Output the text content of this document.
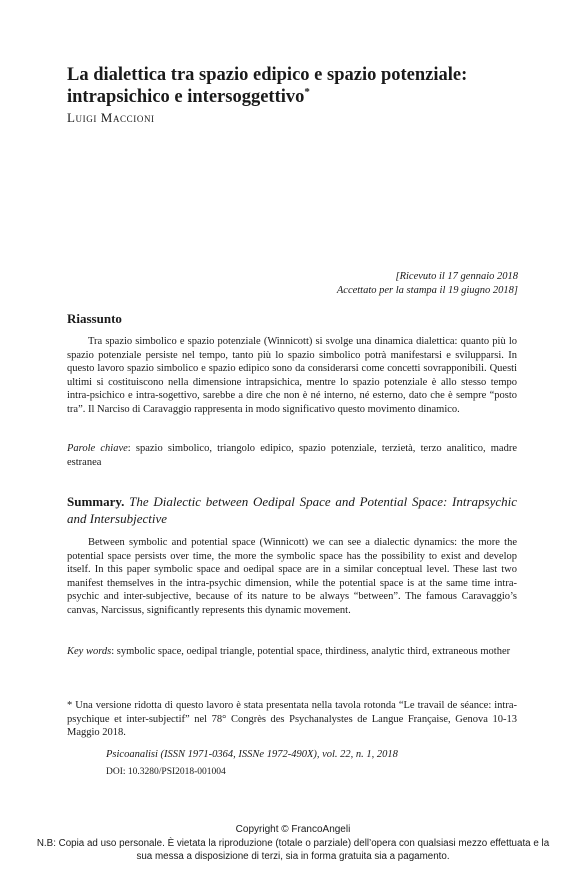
La dialettica tra spazio edipico e spazio potenziale: intrapsichico e intersoggettivo*
Luigi Maccioni
[Ricevuto il 17 gennaio 2018
Accettato per la stampa il 19 giugno 2018]
Riassunto
Tra spazio simbolico e spazio potenziale (Winnicott) si svolge una dinamica dialettica: quanto più lo spazio potenziale persiste nel tempo, tanto più lo spazio simbolico potrà manifestarsi e svilupparsi. In questo lavoro spazio simbolico e spazio edipico sono da considerarsi come concetti sovrapponibili. Questi ultimi si costituiscono nella dimensione intrapsichica, mentre lo spazio potenziale è allo stesso tempo intra-psichico e intra-sogettivo, sarebbe a dire che non è né interno, né esterno, dato che è sempre “posto tra”. Il Narciso di Caravaggio rappresenta in modo significativo questo movimento dinamico.
Parole chiave: spazio simbolico, triangolo edipico, spazio potenziale, terzietà, terzo analitico, madre estranea
Summary. The Dialectic between Oedipal Space and Potential Space: Intrapsychic and Intersubjective
Between symbolic and potential space (Winnicott) we can see a dialectic dynamics: the more the potential space persists over time, the more the symbolic space has the possibility to exist and develop itself. In this paper symbolic space and oedipal space are in a similar conceptual level. These last two manifest themselves in the intra-psychic dimension, while the potential space is at the same time intra-psychic and inter-subjective, because of its nature to be always “between”. The famous Caravaggio’s canvas, Narcissus, significantly represents this dynamic movement.
Key words: symbolic space, oedipal triangle, potential space, thirdiness, analytic third, extraneous mother
* Una versione ridotta di questo lavoro è stata presentata nella tavola rotonda “Le travail de séance: intra-psychique et inter-subjectif” nel 78° Congrès des Psychanalystes de Langue Française, Genova 10-13 Maggio 2018.
Psicoanalisi (ISSN 1971-0364, ISSNe 1972-490X), vol. 22, n. 1, 2018
DOI: 10.3280/PSI2018-001004
Copyright © FrancoAngeli
N.B: Copia ad uso personale. È vietata la riproduzione (totale o parziale) dell’opera con qualsiasi mezzo effettuata e la sua messa a disposizione di terzi, sia in forma gratuita sia a pagamento.
